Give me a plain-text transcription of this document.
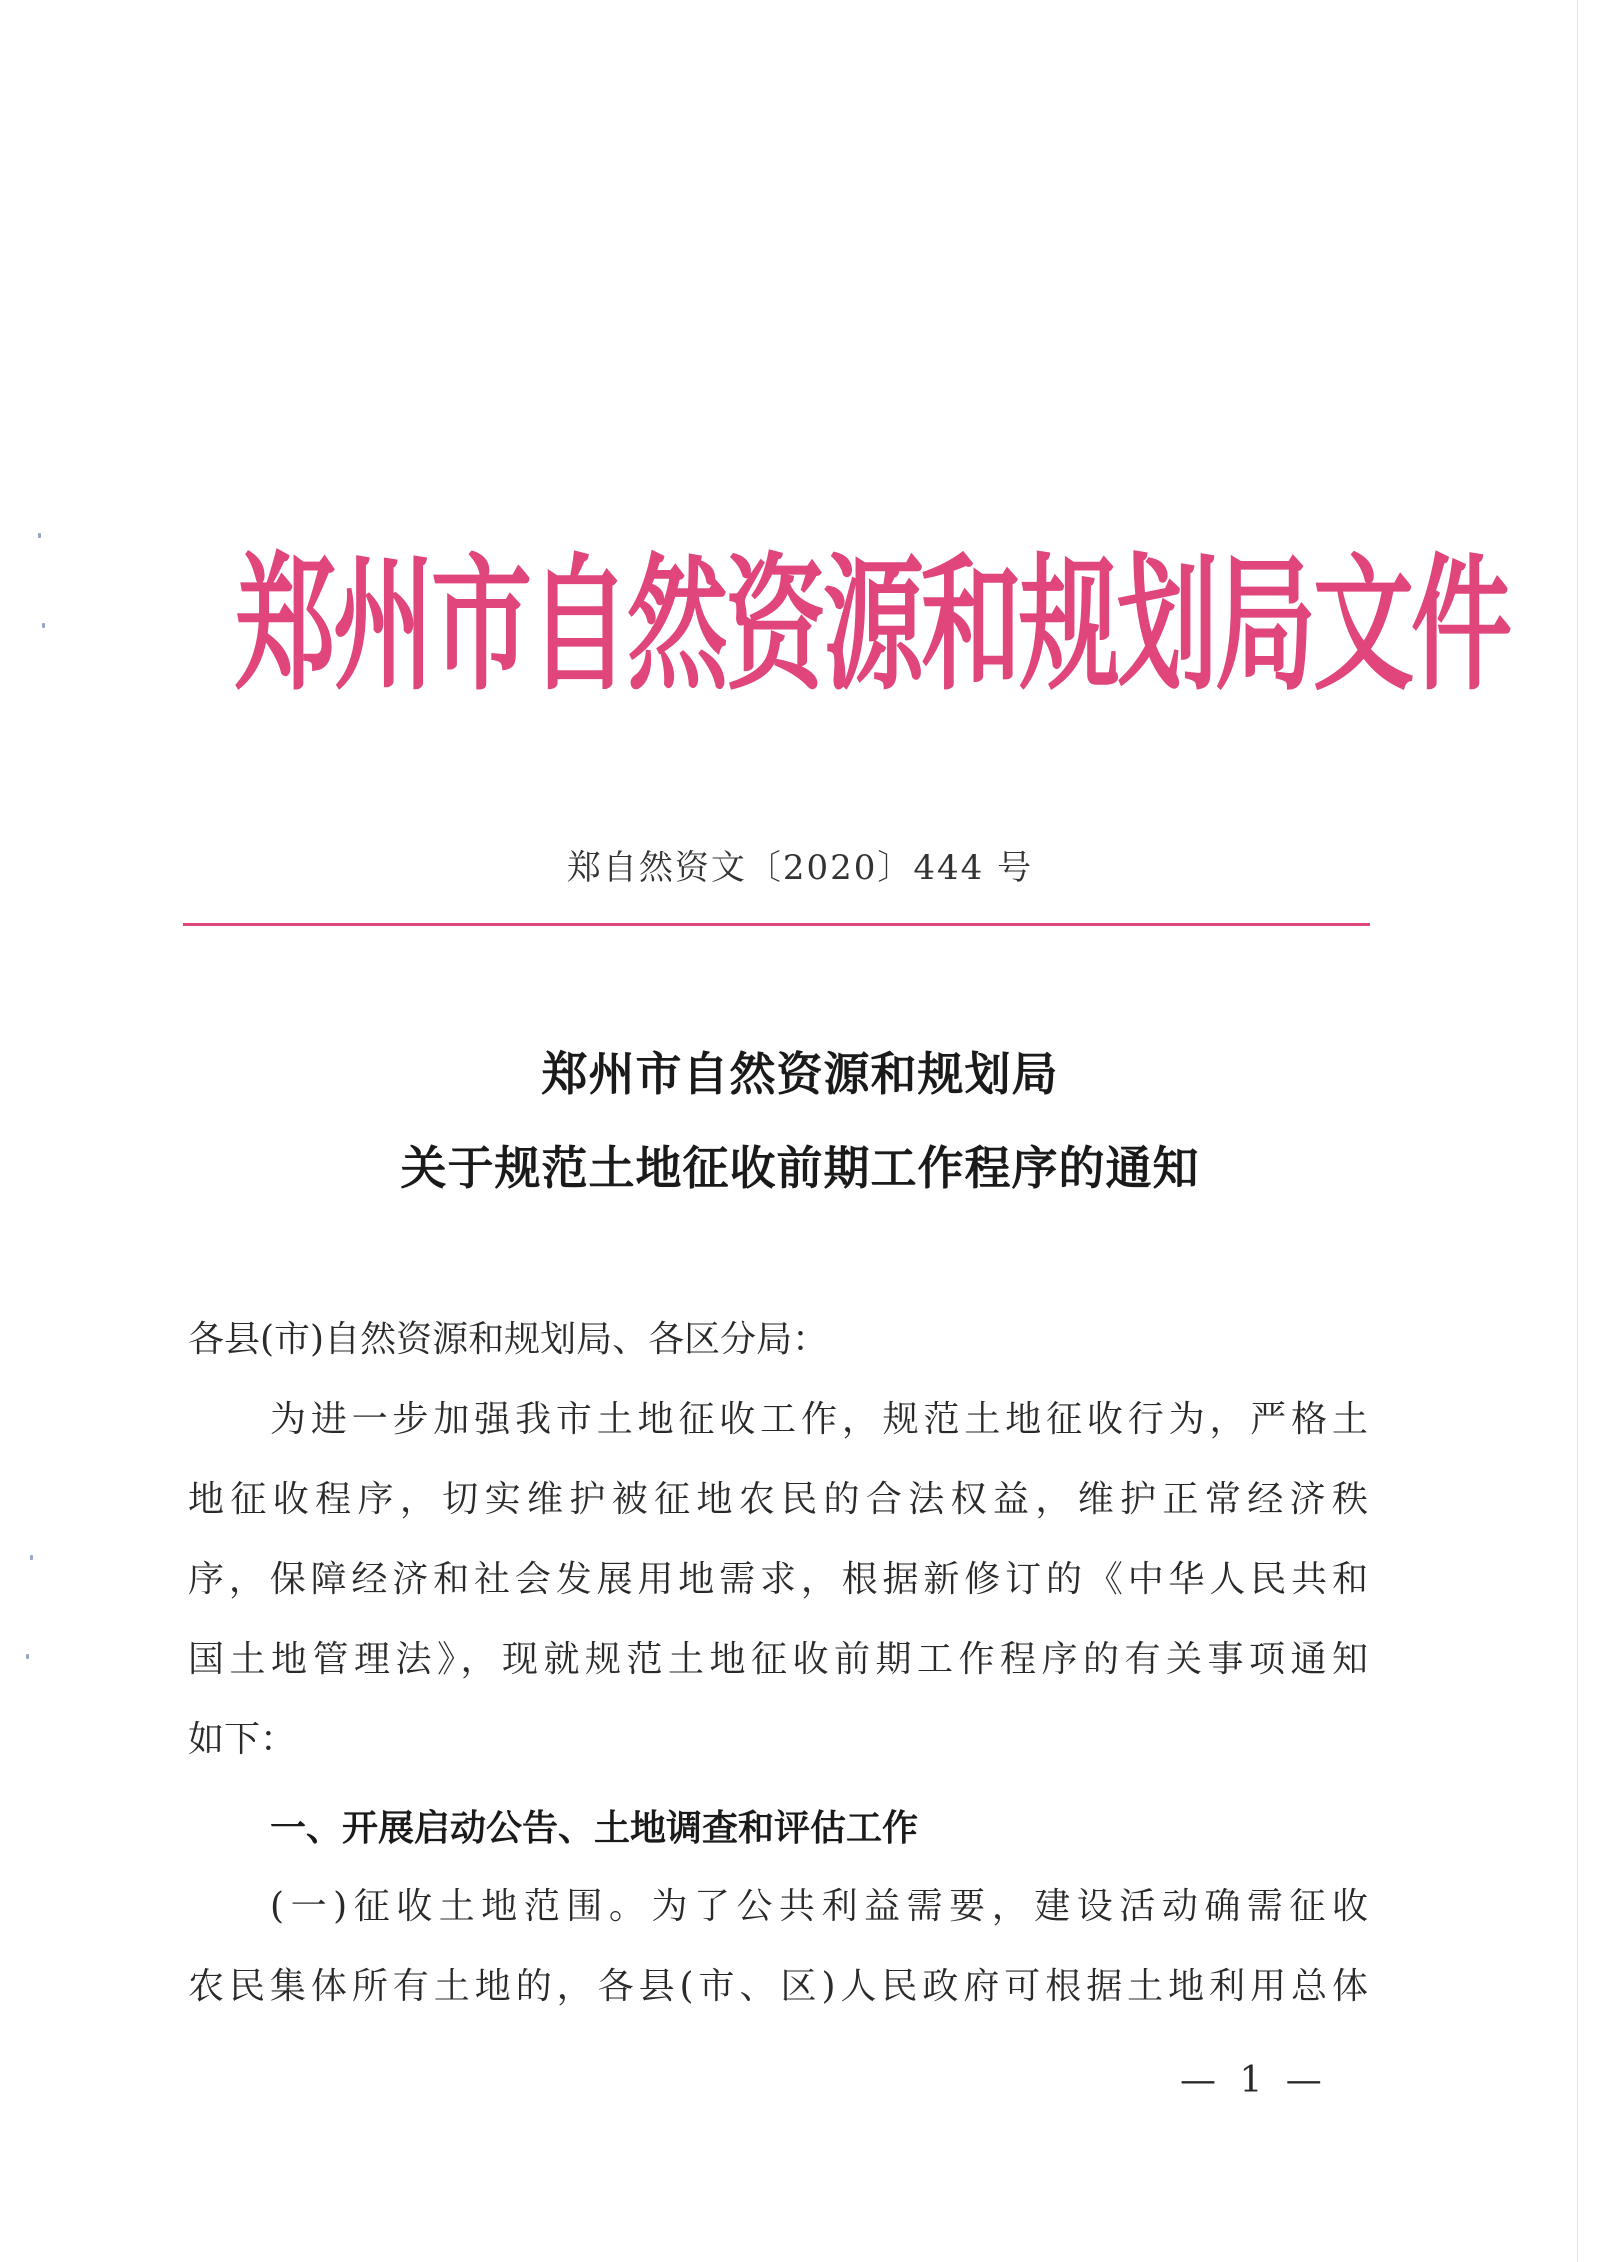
郑州市自然资源和规划局文件
郑自然资文〔2020〕444 号
郑州市自然资源和规划局
关于规范土地征收前期工作程序的通知
各县(市)自然资源和规划局、各区分局：
为进一步加强我市土地征收工作，规范土地征收行为，严格土
地征收程序，切实维护被征地农民的合法权益，维护正常经济秩
序，保障经济和社会发展用地需求，根据新修订的《中华人民共和
国土地管理法》，现就规范土地征收前期工作程序的有关事项通知
如下：
一、开展启动公告、土地调查和评估工作
(一)征收土地范围。为了公共利益需要，建设活动确需征收
农民集体所有土地的，各县(市、区)人民政府可根据土地利用总体
— 1 —
